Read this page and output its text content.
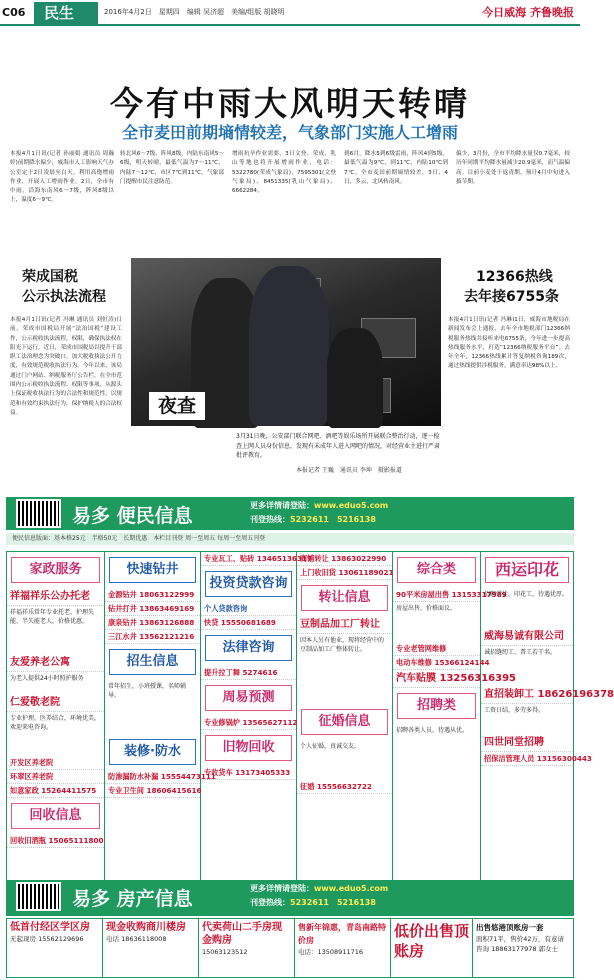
C06	民生	2016年4月2日　星期四　编辑 吴济超　美编/组版 胡晓明	今日威海 齐鲁晚报
今有中雨大风明天转晴
全市麦田前期墒情较差，气象部门实施人工增雨
本报4月1日讯(记者 孙丽娟 通讯员 周瀚婷)前期降水偏少，威海市人工影响天气办公室定于2日凌晨至白天，利用高炮增雨作业，开展人工增雨作业。2日，全市有中雨，沿海东南风6～7级，阵风8级以上，温度6～9℃。
转北风6～7级，阵风8级，内陆东南风5～6级，明天转晴，最低气温为7～11℃，内陆7～12℃，市区7℃到11℃。气象部门提醒市民注意防范。
增雨抗旱作业需要，3日文登、荣成、乳山等地也将开展增雨作业，电话：5322780(荣成气象局)、7595301(文登气象局)、8451335(乳山气象局)、6662284。
到6月，降水5到6级雷雨，阵风4到5级。最低气温为9℃，到11℃，内陆10℃到7℃。全市麦田前期墒情较差，3日、4日，多云，北风转南风。
偏少，3月份，全市平均降水量仅0.7毫米，较历年同期平均降水量减少20.9毫米，而气温偏高。目前小麦处于返青期，预计4月中旬进入拔节期。
荣成国税
公示执法流程
本报4月1日讯(记者 冯琳 通讯员 刘恒涛)日前，荣成市国税局开展“法治国税”建设工作，公示税收执法流程，权限，确保执法权在阳光下运行。近日，荣成市国税局以提升干部职工法治理念为突破口，加大税收执法公开力度，有效规范税收执法行为。今年以来，该局通过门户网站、纳税服务厅公告栏，在全市范围内公示税收执法流程、权限等事项，从源头上保证税收执法行为的合法性和规范性，以规范和有效约束执法行为，保护纳税人的合法权益。
12366热线
去年接6755条
本报4月1日讯(记者 冯琳)1日，威海市地税局在新闻发布会上通报，去年全市地税部门12366纳税服务热线共接听来电6755条，今年进一步提高热线服务水平，打造“12366纳税服务平台”。去年全年，12366热线累计答复纳税咨询189次，通过热线提供涉税服务，满意率达98%以上。
夜查
3月31日晚，公安部门联合网吧、酒吧等娱乐场所开展联合整治行动，逐一检查上网人员身份信息，发现有未成年人进入网吧的情况，对经营业主进行严肃批评教育。
本报记者 王巍　通讯员 李坤　摄影报道
易多 便民信息	更多详情请登陆：www.eduo5.com
刊登热线：5232611　5216138
便民信息版面：基本格25元　半格50元　长期优惠　本栏目刊登 周一至周五 每周一至周五刊登
家政服务
祥福祥乐公办托老
祥福祥乐常年专业托老，护理失能、半失能老人，价格优惠。
友爱养老公寓
为老人提供24小时照护服务
仁爱敬老院
专业护理，医养结合，环境优美，欢迎来电咨询。
开发区养老院
环翠区养老院
如意家政 15264411575
回收信息
回收旧酒瓶 15065111800
快速钻井
金源钻井 18063122999
钻井打井 13863469169
康泉钻井 13863126888
三江水井 13562121216
招生信息
常年招生，小班授课，名师辅导。
装修·防水
防渗漏防水补漏 15554473111
专业卫生间 18606415616
专业瓦工、贴砖 13465136317
投资贷款咨询
个人贷款咨询
快贷 15550681689
法律咨询
提升拉丁舞 5274616
周易预测
专业修锅炉 13565627112
旧物回收
专收货车 13173405333
商铺转让 13863022990
上门收旧货 13061189021
转让信息
豆制品加工厂转让
因本人另有他业，现将经营中的豆制品加工厂整体转让。
征婚信息
个人征婚，真诚交友。
征婚 15556632722
综合类
90平米房屋出售 13153317989
房屋出售，价格面议。
专业老管网维修
电动车维修 15366124144
汽车贴膜 13256316395
招聘类
招聘各类人员，待遇从优。
西运印花
招聘学徒、印花工，待遇优厚。
威海易诚有限公司
诚招缝纫工、普工若干名。
直招装卸工 18626196378
工资日结，多劳多得。
四世同堂招聘
招保洁管理人员 13156300443
易多 房产信息	更多详情请登陆：www.eduo5.com
刊登热线：5232611　5216138
低首付经区学区房
无起现房 15562129696
现金收购商川楼房
电话 18636118008
代卖荷山二手房现金购房
15063123512
售新年锦惠，青岛南路特价房
电话：13508911716
低价出售顶账房
出售悠港顶账房一套
面积71平，售价42万，有意请咨询 18863177978 郭女士
